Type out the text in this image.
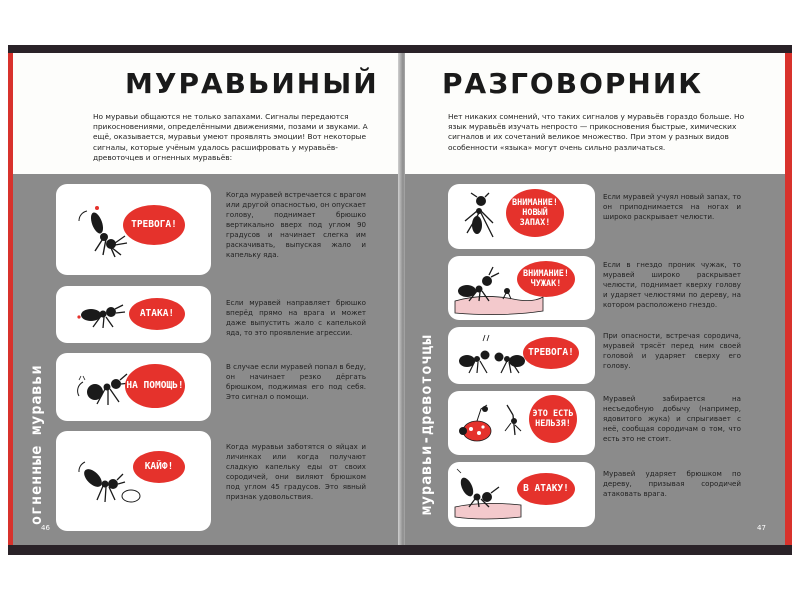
МУРАВЬИНЫЙ
Но муравьи общаются не только запахами. Сигналы передаются прикосновениями, определёнными движениями, позами и звуками. А ещё, оказывается, муравьи умеют проявлять эмоции! Вот некоторые сигналы, которые учёным удалось расшифровать у муравьёв-древоточцев и огненных муравьёв:
огненные муравьи
ТРЕВОГА!
Когда муравей встречается с врагом или другой опасностью, он опускает голову, поднимает брюшко вертикально вверх под углом 90 градусов и начинает слегка им раскачивать, выпуская жало и капельку яда.
АТАКА!
Если муравей направляет брюшко вперёд прямо на врага и может даже выпустить жало с капелькой яда, то это проявление агрессии.
НА ПОМОЩЬ!
В случае если муравей попал в беду, он начинает резко дёргать брюшком, поджимая его под себя. Это сигнал о помощи.
КАЙФ!
Когда муравьи заботятся о яйцах и личинках или когда получают сладкую капельку еды от своих сородичей, они виляют брюшком под углом 45 градусов. Это явный признак удовольствия.
46
РАЗГОВОРНИК
Нет никаких сомнений, что таких сигналов у муравьёв гораздо больше. Но язык муравьёв изучать непросто — прикосновения быстрые, химических сигналов и их сочетаний великое множество. При этом у разных видов особенности «языка» могут очень сильно различаться.
муравьи-древоточцы
ВНИМАНИЕ! НОВЫЙ ЗАПАХ!
Если муравей учуял новый запах, то он приподнимается на ногах и широко раскрывает челюсти.
ВНИМАНИЕ! ЧУЖАК!
Если в гнездо проник чужак, то муравей широко раскрывает челюсти, поднимает кверху голову и ударяет челюстями по дереву, на котором расположено гнездо.
ТРЕВОГА!
При опасности, встречая сородича, муравей трясёт перед ним своей головой и ударяет сверху его голову.
ЭТО ЕСТЬ НЕЛЬЗЯ!
Муравей забирается на несъедобную добычу (например, ядовитого жука) и спрыгивает с неё, сообщая сородичам о том, что есть это не стоит.
В АТАКУ!
Муравей ударяет брюшком по дереву, призывая сородичей атаковать врага.
47
